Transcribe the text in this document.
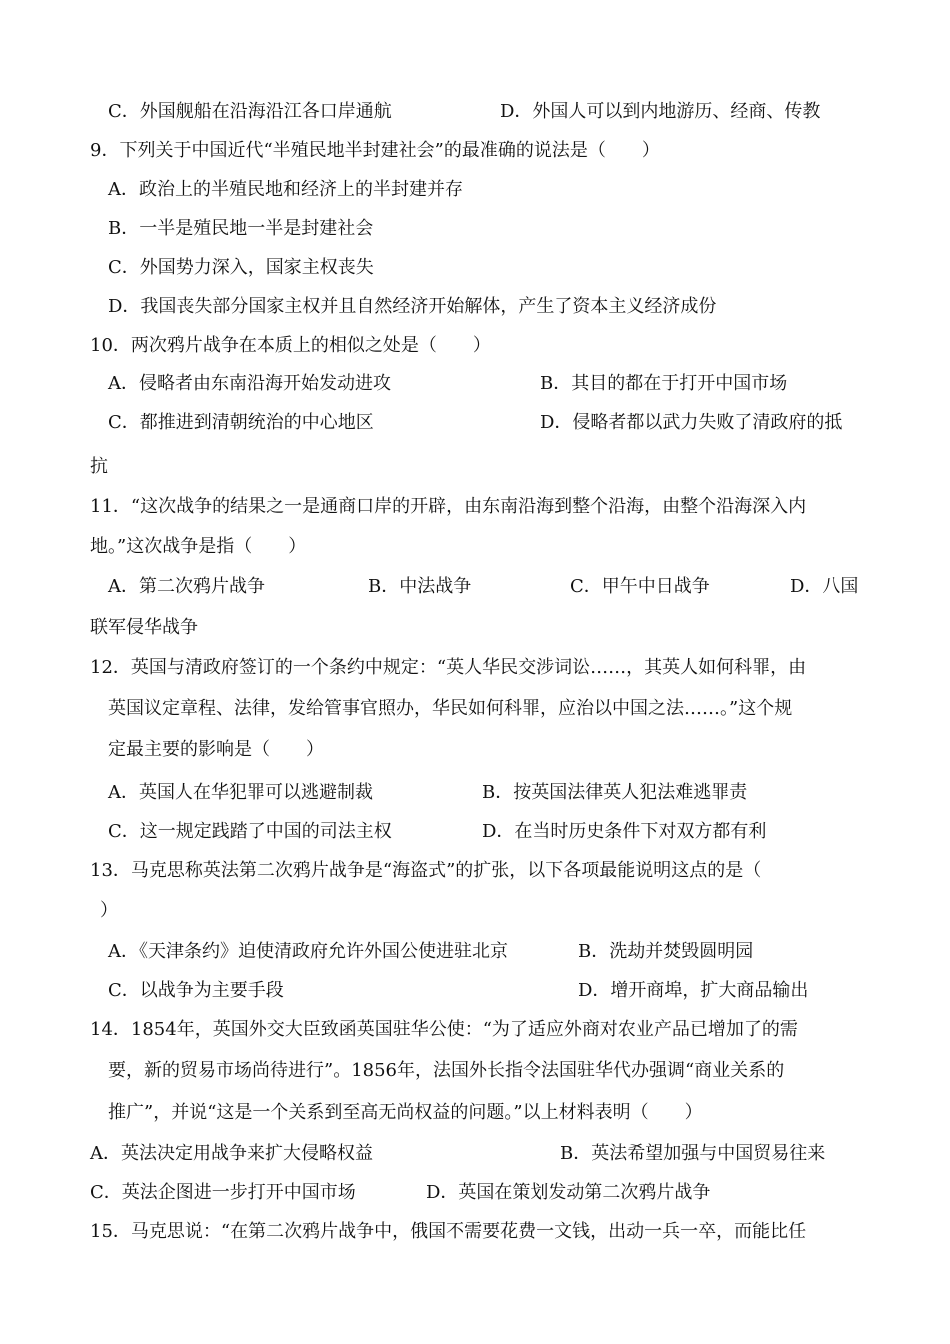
C．外国舰船在沿海沿江各口岸通航	D．外国人可以到内地游历、经商、传教
9．下列关于中国近代“半殖民地半封建社会”的最准确的说法是（　　）
A．政治上的半殖民地和经济上的半封建并存
B．一半是殖民地一半是封建社会
C．外国势力深入，国家主权丧失
D．我国丧失部分国家主权并且自然经济开始解体，产生了资本主义经济成份
10．两次鸦片战争在本质上的相似之处是（　　）
A．侵略者由东南沿海开始发动进攻	B．其目的都在于打开中国市场
C．都推进到清朝统治的中心地区	D．侵略者都以武力失败了清政府的抵
抗
11．“这次战争的结果之一是通商口岸的开辟，由东南沿海到整个沿海，由整个沿海深入内
地。”这次战争是指（　　）
A．第二次鸦片战争	B．中法战争	C．甲午中日战争	D．八国
联军侵华战争
12．英国与清政府签订的一个条约中规定：“英人华民交涉词讼……，其英人如何科罪，由
英国议定章程、法律，发给管事官照办，华民如何科罪，应治以中国之法……。”这个规
定最主要的影响是（　　）
A．英国人在华犯罪可以逃避制裁	B．按英国法律英人犯法难逃罪责
C．这一规定践踏了中国的司法主权	D．在当时历史条件下对双方都有利
13．马克思称英法第二次鸦片战争是“海盗式”的扩张，以下各项最能说明这点的是（
）
A．《天津条约》迫使清政府允许外国公使进驻北京	B．洗劫并焚毁圆明园
C．以战争为主要手段	D．增开商埠，扩大商品输出
14．1854年，英国外交大臣致函英国驻华公使：“为了适应外商对农业产品已增加了的需
要，新的贸易市场尚待进行”。1856年，法国外长指令法国驻华代办强调“商业关系的
推广”，并说“这是一个关系到至高无尚权益的问题。”以上材料表明（　　）
A．英法决定用战争来扩大侵略权益	B．英法希望加强与中国贸易往来
C．英法企图进一步打开中国市场	D．英国在策划发动第二次鸦片战争
15．马克思说：“在第二次鸦片战争中，俄国不需要花费一文钱，出动一兵一卒，而能比任
